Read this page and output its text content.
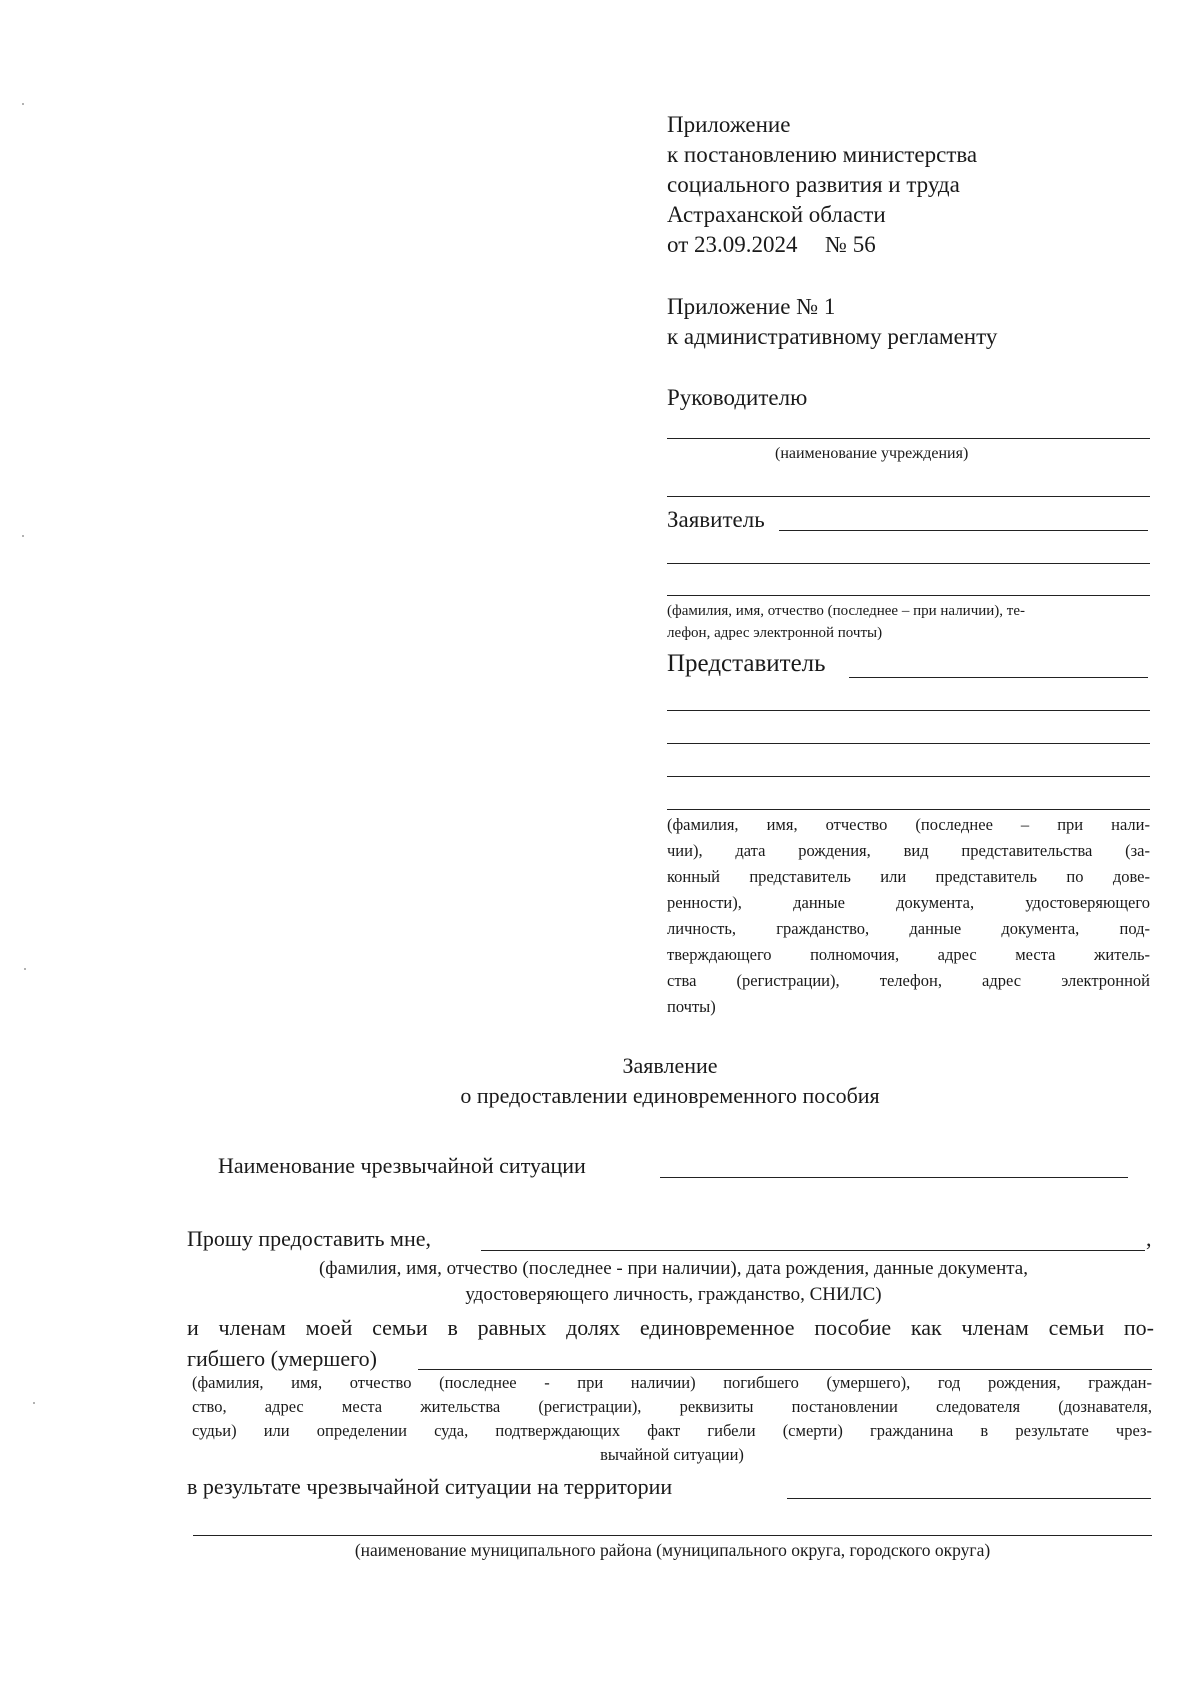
Приложение
к постановлению министерства
социального развития и труда
Астраханской области
от 23.09.2024 № 56
Приложение № 1
к административному регламенту
Руководителю
(наименование учреждения)
Заявитель
(фамилия, имя, отчество (последнее – при наличии), те-
лефон, адрес электронной почты)
Представитель
(фамилия, имя, отчество (последнее – при нали-
чии), дата рождения, вид представительства (за-
конный представитель или представитель по дове-
ренности), данные документа, удостоверяющего
личность, гражданство, данные документа, под-
тверждающего полномочия, адрес места житель-
ства (регистрации), телефон, адрес электронной
почты)
Заявление
о предоставлении единовременного пособия
Наименование чрезвычайной ситуации
Прошу предоставить мне,	,
(фамилия, имя, отчество (последнее - при наличии), дата рождения, данные документа,
удостоверяющего личность, гражданство, СНИЛС)
и членам моей семьи в равных долях единовременное пособие как членам семьи по-
гибшего (умершего)
(фамилия, имя, отчество (последнее - при наличии) погибшего (умершего), год рождения, граждан-
ство, адрес места жительства (регистрации), реквизиты постановлении следователя (дознавателя,
судьи) или определении суда, подтверждающих факт гибели (смерти) гражданина в результате чрез-
вычайной ситуации)
в результате чрезвычайной ситуации на территории
(наименование муниципального района (муниципального округа, городского округа)
